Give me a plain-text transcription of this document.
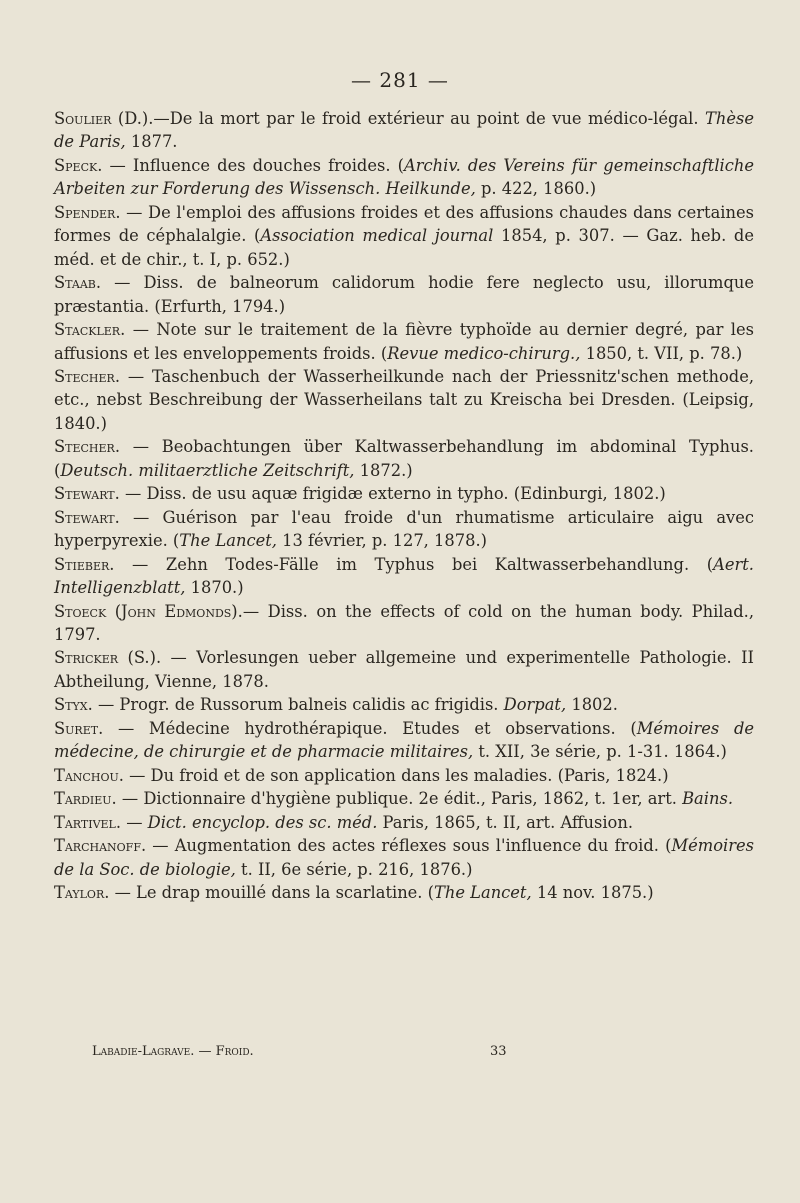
— 281 —

Soulier (D.).—De la mort par le froid extérieur au point de vue médico-légal. Thèse de Paris, 1877.

Speck. — Influence des douches froides. (Archiv. des Vereins für gemeinschaftliche Arbeiten zur Forderung des Wissensch. Heilkunde, p. 422, 1860.)

Spender. — De l'emploi des affusions froides et des affusions chaudes dans certaines formes de céphalalgie. (Association medical journal 1854, p. 307. — Gaz. heb. de méd. et de chir., t. I, p. 652.)

Staab. — Diss. de balneorum calidorum hodie fere neglecto usu, illorumque præstantia. (Erfurth, 1794.)

Stackler. — Note sur le traitement de la fièvre typhoïde au dernier degré, par les affusions et les enveloppements froids. (Revue medico-chirurg., 1850, t. VII, p. 78.)

Stecher. — Taschenbuch der Wasserheilkunde nach der Priessnitz'schen methode, etc., nebst Beschreibung der Wasserheilans talt zu Kreischa bei Dresden. (Leipsig, 1840.)

Stecher. — Beobachtungen über Kaltwasserbehandlung im abdominal Typhus. (Deutsch. militaerztliche Zeitschrift, 1872.)

Stewart. — Diss. de usu aquæ frigidæ externo in typho. (Edinburgi, 1802.)

Stewart. — Guérison par l'eau froide d'un rhumatisme articulaire aigu avec hyperpyrexie. (The Lancet, 13 février, p. 127, 1878.)

Stieber. — Zehn Todes-Fälle im Typhus bei Kaltwasserbehandlung. (Aert. Intelligenzblatt, 1870.)

Stoeck (John Edmonds).— Diss. on the effects of cold on the human body. Philad., 1797.

Stricker (S.). — Vorlesungen ueber allgemeine und experimentelle Pathologie. II Abtheilung, Vienne, 1878.

Styx. — Progr. de Russorum balneis calidis ac frigidis. Dorpat, 1802.

Suret. — Médecine hydrothérapique. Etudes et observations. (Mémoires de médecine, de chirurgie et de pharmacie militaires, t. XII, 3e série, p. 1-31. 1864.)

Tanchou. — Du froid et de son application dans les maladies. (Paris, 1824.)

Tardieu. — Dictionnaire d'hygiène publique. 2e édit., Paris, 1862, t. 1er, art. Bains.

Tartivel. — Dict. encyclop. des sc. méd. Paris, 1865, t. II, art. Affusion.

Tarchanoff. — Augmentation des actes réflexes sous l'influence du froid. (Mémoires de la Soc. de biologie, t. II, 6e série, p. 216, 1876.)

Taylor. — Le drap mouillé dans la scarlatine. (The Lancet, 14 nov. 1875.)

Labadie-Lagrave. — Froid.	33
